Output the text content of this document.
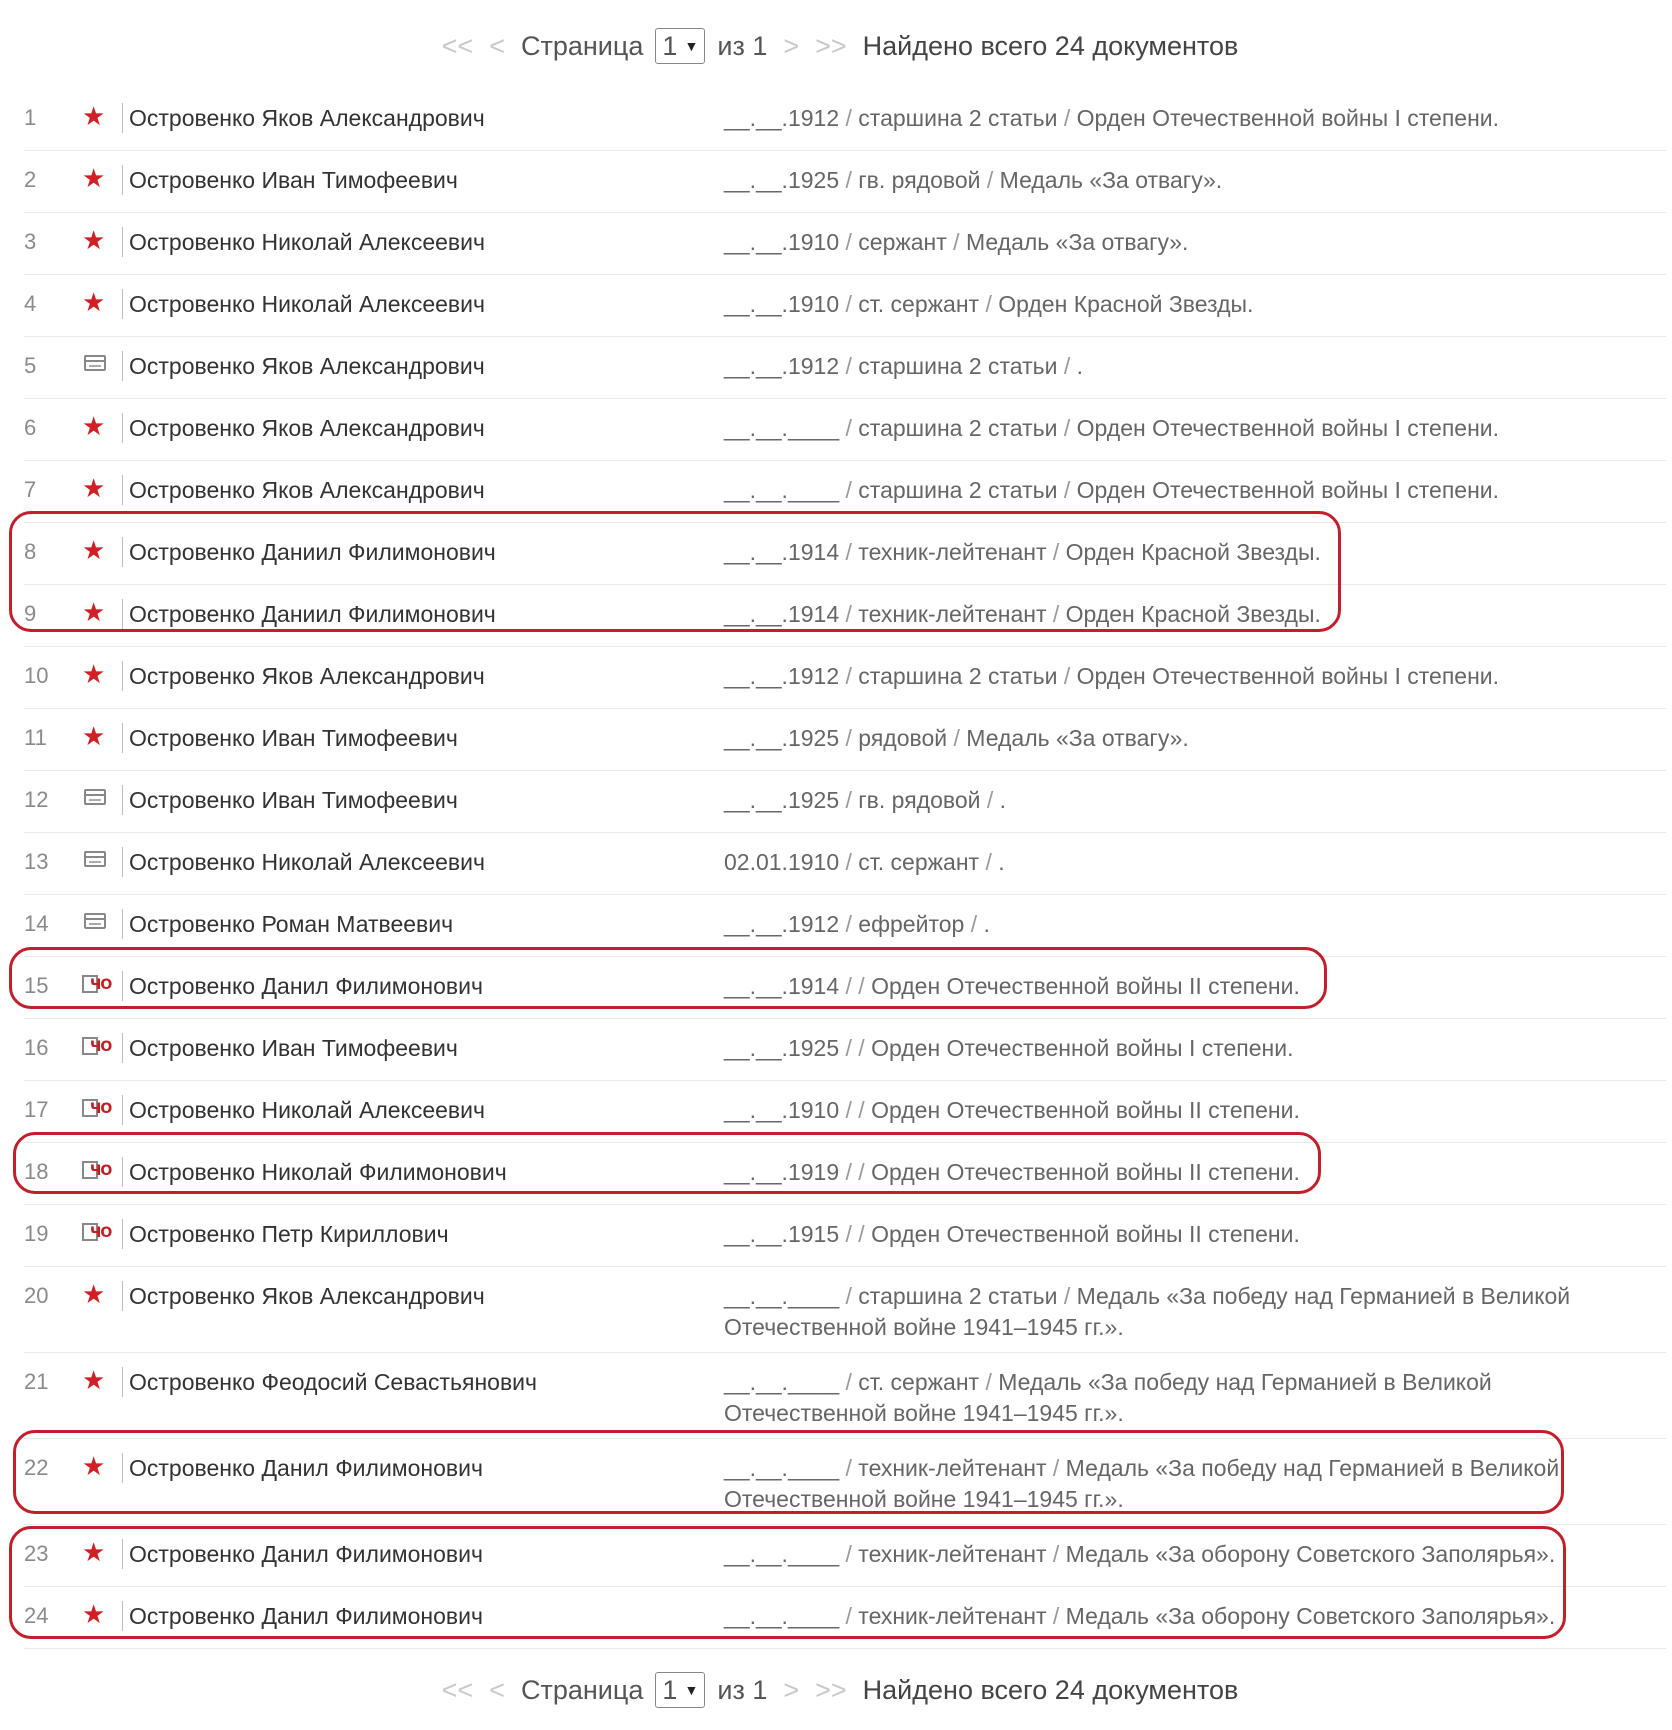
<< < Страница 1 ▼ из 1 > >> Найдено всего 24 документов
1 ★	Островенко Яков Александрович	__.__.1912 / старшина 2 статьи / Орден Отечественной войны I степени.
2 ★	Островенко Иван Тимофеевич	__.__.1925 / гв. рядовой / Медаль «За отвагу».
3 ★	Островенко Николай Алексеевич	__.__.1910 / сержант / Медаль «За отвагу».
4 ★	Островенко Николай Алексеевич	__.__.1910 / ст. сержант / Орден Красной Звезды.
5	Островенко Яков Александрович	__.__.1912 / старшина 2 статьи / .
6 ★	Островенко Яков Александрович	__.__.____ / старшина 2 статьи / Орден Отечественной войны I степени.
7 ★	Островенко Яков Александрович	__.__.____ / старшина 2 статьи / Орден Отечественной войны I степени.
8 ★	Островенко Даниил Филимонович	__.__.1914 / техник-лейтенант / Орден Красной Звезды.
9 ★	Островенко Даниил Филимонович	__.__.1914 / техник-лейтенант / Орден Красной Звезды.
10 ★	Островенко Яков Александрович	__.__.1912 / старшина 2 статьи / Орден Отечественной войны I степени.
11 ★	Островенко Иван Тимофеевич	__.__.1925 / рядовой / Медаль «За отвагу».
12	Островенко Иван Тимофеевич	__.__.1925 / гв. рядовой / .
13	Островенко Николай Алексеевич	02.01.1910 / ст. сержант / .
14	Островенко Роман Матвеевич	__.__.1912 / ефрейтор / .
15	ЧО Островенко Данил Филимонович	__.__.1914 / / Орден Отечественной войны II степени.
16	ЧО Островенко Иван Тимофеевич	__.__.1925 / / Орден Отечественной войны I степени.
17	ЧО Островенко Николай Алексеевич	__.__.1910 / / Орден Отечественной войны II степени.
18	ЧО Островенко Николай Филимонович	__.__.1919 / / Орден Отечественной войны II степени.
19	ЧО Островенко Петр Кириллович	__.__.1915 / / Орден Отечественной войны II степени.
20 ★	Островенко Яков Александрович	__.__.____ / старшина 2 статьи / Медаль «За победу над Германией в Великой Отечественной войне 1941–1945 гг.».
21 ★	Островенко Феодосий Севастьянович	__.__.____ / ст. сержант / Медаль «За победу над Германией в Великой Отечественной войне 1941–1945 гг.».
22 ★	Островенко Данил Филимонович	__.__.____ / техник-лейтенант / Медаль «За победу над Германией в Великой Отечественной войне 1941–1945 гг.».
23 ★	Островенко Данил Филимонович	__.__.____ / техник-лейтенант / Медаль «За оборону Советского Заполярья».
24 ★	Островенко Данил Филимонович	__.__.____ / техник-лейтенант / Медаль «За оборону Советского Заполярья».
<< < Страница 1 ▼ из 1 > >> Найдено всего 24 документов
